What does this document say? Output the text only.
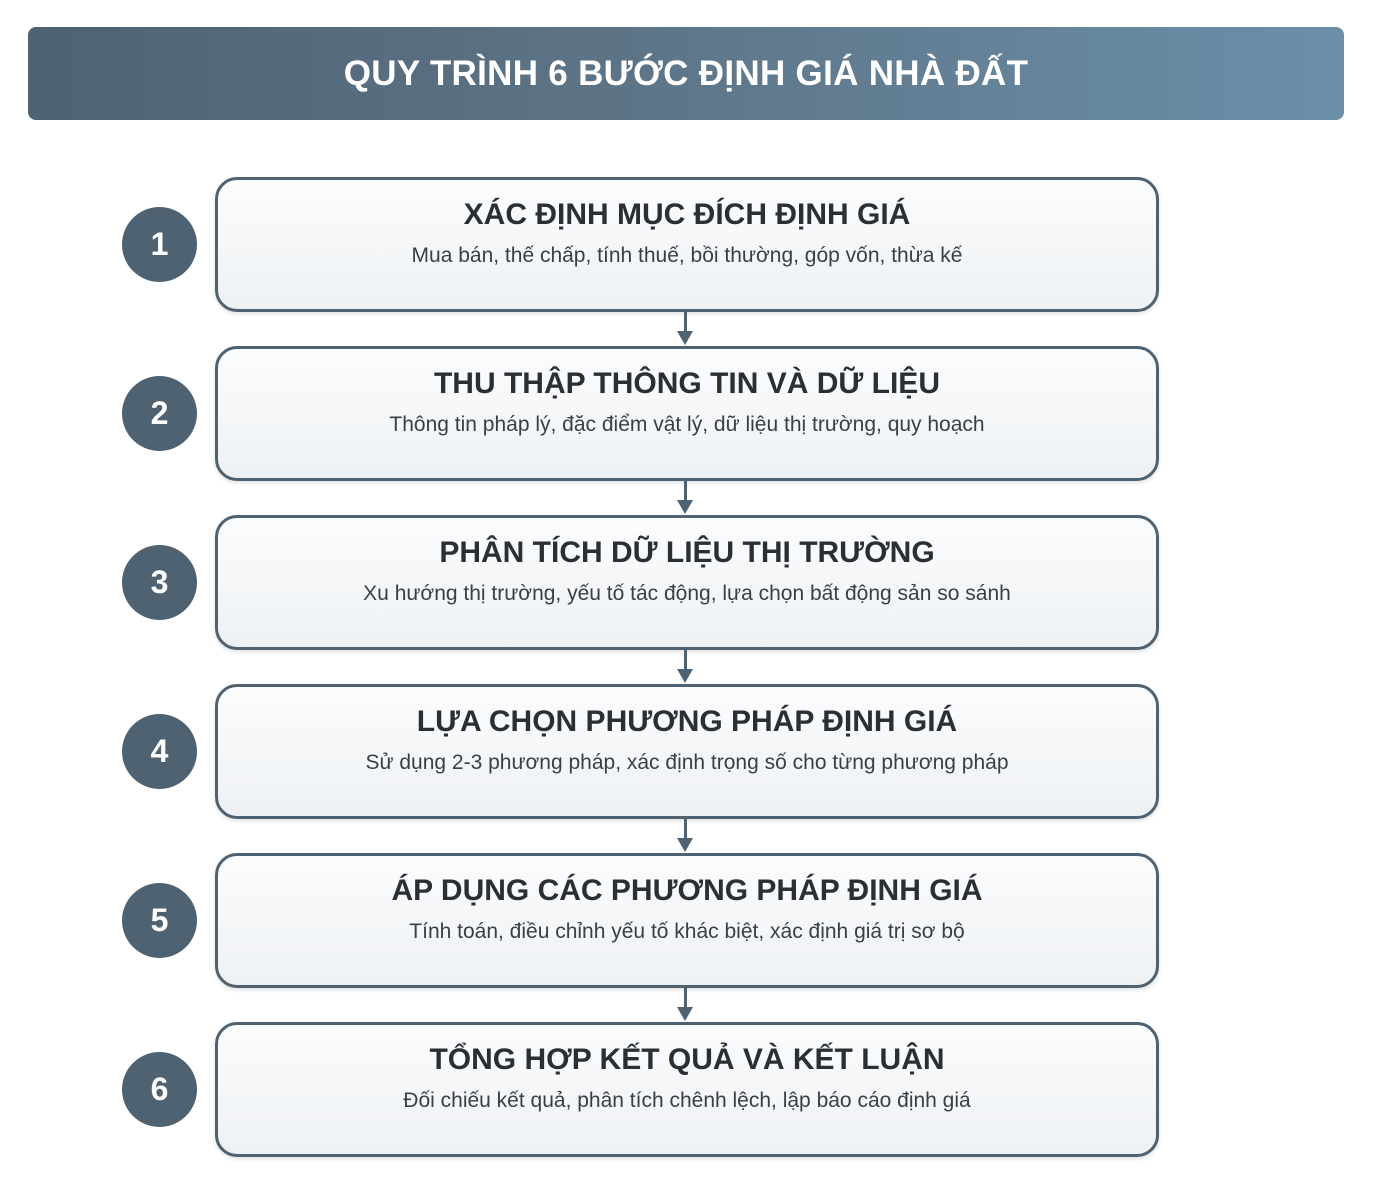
QUY TRÌNH 6 BƯỚC ĐỊNH GIÁ NHÀ ĐẤT
1
XÁC ĐỊNH MỤC ĐÍCH ĐỊNH GIÁ
Mua bán, thế chấp, tính thuế, bồi thường, góp vốn, thừa kế
2
THU THẬP THÔNG TIN VÀ DỮ LIỆU
Thông tin pháp lý, đặc điểm vật lý, dữ liệu thị trường, quy hoạch
3
PHÂN TÍCH DỮ LIỆU THỊ TRƯỜNG
Xu hướng thị trường, yếu tố tác động, lựa chọn bất động sản so sánh
4
LỰA CHỌN PHƯƠNG PHÁP ĐỊNH GIÁ
Sử dụng 2-3 phương pháp, xác định trọng số cho từng phương pháp
5
ÁP DỤNG CÁC PHƯƠNG PHÁP ĐỊNH GIÁ
Tính toán, điều chỉnh yếu tố khác biệt, xác định giá trị sơ bộ
6
TỔNG HỢP KẾT QUẢ VÀ KẾT LUẬN
Đối chiếu kết quả, phân tích chênh lệch, lập báo cáo định giá
